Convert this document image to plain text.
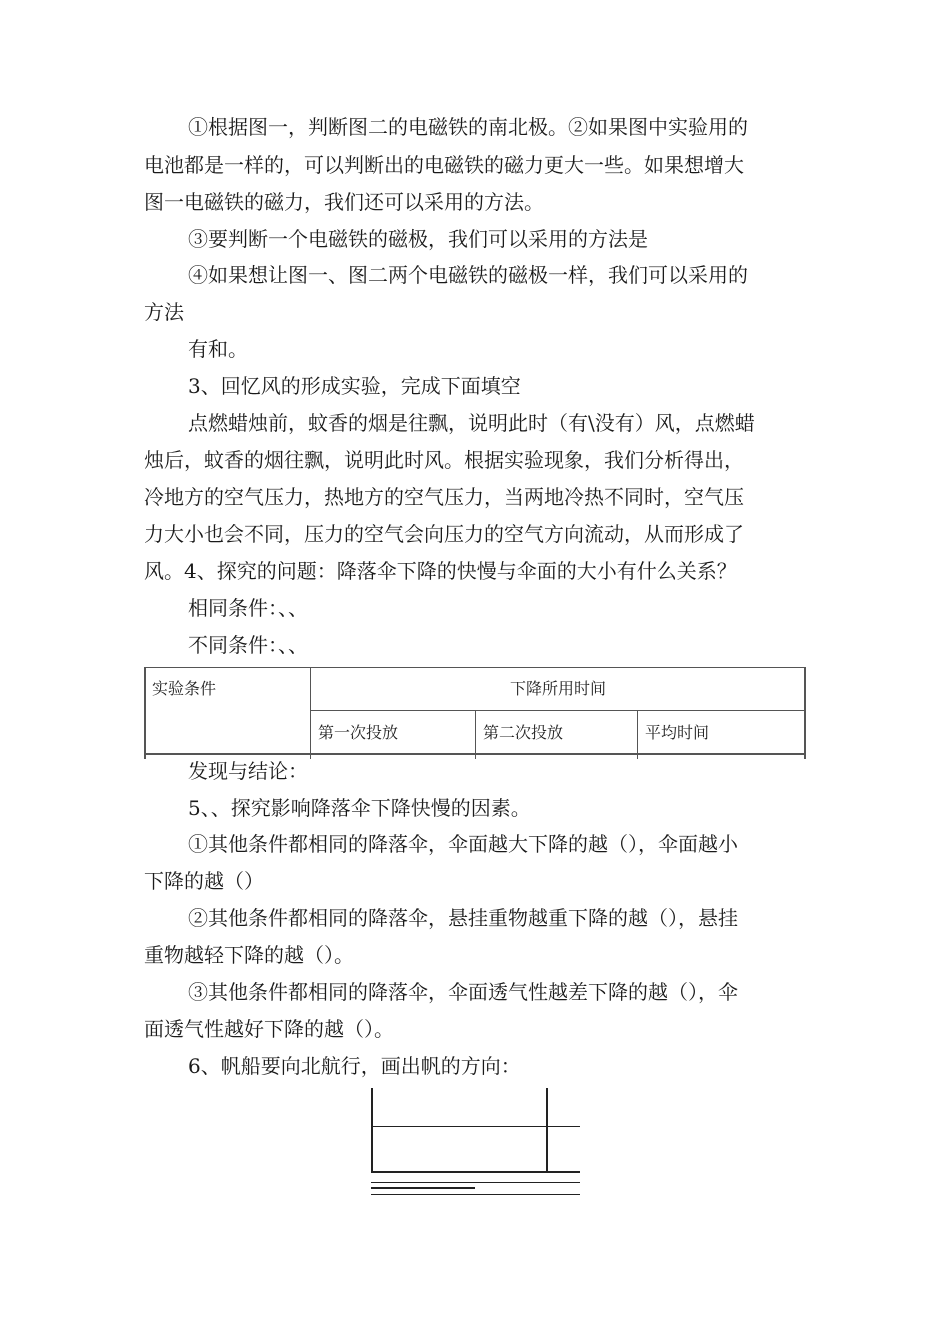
①根据图一，判断图二的电磁铁的南北极。②如果图中实验用的
电池都是一样的，可以判断出的电磁铁的磁力更大一些。如果想增大
图一电磁铁的磁力，我们还可以采用的方法。
③要判断一个电磁铁的磁极，我们可以采用的方法是
④如果想让图一、图二两个电磁铁的磁极一样，我们可以采用的
方法
有和。
3、回忆风的形成实验，完成下面填空
点燃蜡烛前，蚊香的烟是往飘，说明此时（有\没有）风，点燃蜡
烛后，蚊香的烟往飘，说明此时风。根据实验现象，我们分析得出，
冷地方的空气压力，热地方的空气压力，当两地冷热不同时，空气压
力大小也会不同，压力的空气会向压力的空气方向流动，从而形成了
风。4、探究的问题：降落伞下降的快慢与伞面的大小有什么关系？
相同条件：、、
不同条件：、、
实验条件	下降所用时间
第一次投放	第二次投放	平均时间
发现与结论：
5、、探究影响降落伞下降快慢的因素。
①其他条件都相同的降落伞，伞面越大下降的越（），伞面越小
下降的越（）
②其他条件都相同的降落伞，悬挂重物越重下降的越（），悬挂
重物越轻下降的越（）。
③其他条件都相同的降落伞，伞面透气性越差下降的越（），伞
面透气性越好下降的越（）。
6、帆船要向北航行，画出帆的方向：
